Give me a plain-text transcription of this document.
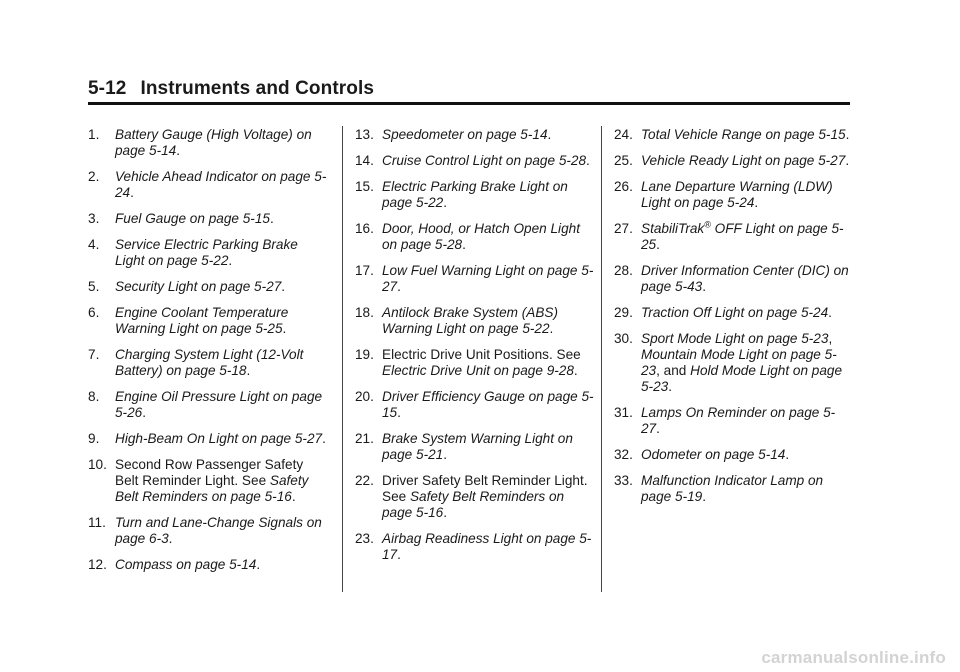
5-12 Instruments and Controls
1 . Battery Gauge (High Voltage) on page 5-14.
2 . Vehicle Ahead Indicator on page 5-24.
3 . Fuel Gauge on page 5-15.
4 . Service Electric Parking Brake Light on page 5-22.
5 . Security Light on page 5-27.
6 . Engine Coolant Temperature Warning Light on page 5-25.
7 . Charging System Light (12-Volt Battery) on page 5-18.
8 . Engine Oil Pressure Light on page 5-26.
9 . High-Beam On Light on page 5-27.
10 . Second Row Passenger Safety Belt Reminder Light. See Safety Belt Reminders on page 5-16.
11 . Turn and Lane-Change Signals on page 6-3.
12 . Compass on page 5-14.
13 . Speedometer on page 5-14.
14 . Cruise Control Light on page 5-28.
15 . Electric Parking Brake Light on page 5-22.
16 . Door, Hood, or Hatch Open Light on page 5-28.
17 . Low Fuel Warning Light on page 5-27.
18 . Antilock Brake System (ABS) Warning Light on page 5-22.
19 . Electric Drive Unit Positions. See Electric Drive Unit on page 9-28.
20 . Driver Efficiency Gauge on page 5-15.
21 . Brake System Warning Light on page 5-21.
22 . Driver Safety Belt Reminder Light. See Safety Belt Reminders on page 5-16.
23 . Airbag Readiness Light on page 5-17.
24 . Total Vehicle Range on page 5-15.
25 . Vehicle Ready Light on page 5-27.
26 . Lane Departure Warning (LDW) Light on page 5-24.
27 . StabiliTrak® OFF Light on page 5-25.
28 . Driver Information Center (DIC) on page 5-43.
29 . Traction Off Light on page 5-24.
30 . Sport Mode Light on page 5-23, Mountain Mode Light on page 5-23, and Hold Mode Light on page 5-23.
31 . Lamps On Reminder on page 5-27.
32 . Odometer on page 5-14.
33 . Malfunction Indicator Lamp on page 5-19.
carmanualsonline.info
